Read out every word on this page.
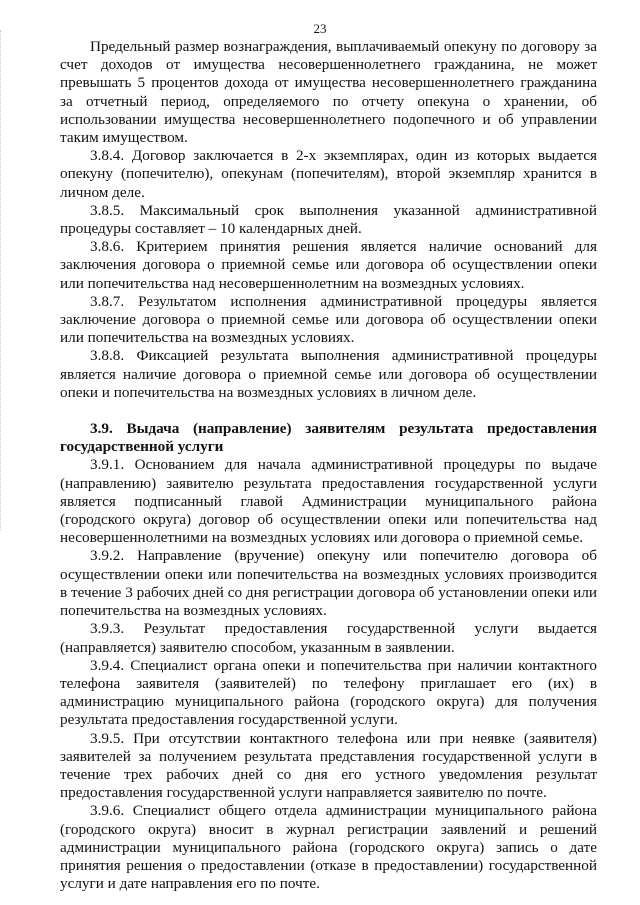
23

Предельный размер вознаграждения, выплачиваемый опекуну по договору за счет доходов от имущества несовершеннолетнего гражданина, не может превышать 5 процентов дохода от имущества несовершеннолетнего гражданина за отчетный период, определяемого по отчету опекуна о хранении, об использовании имущества несовершеннолетнего подопечного и об управлении таким имуществом.

3.8.4. Договор заключается в 2-х экземплярах, один из которых выдается опекуну (попечителю), опекунам (попечителям), второй экземпляр хранится в личном деле.

3.8.5. Максимальный срок выполнения указанной административной процедуры составляет – 10 календарных дней.

3.8.6. Критерием принятия решения является наличие оснований для заключения договора о приемной семье или договора об осуществлении опеки или попечительства над несовершеннолетним на возмездных условиях.

3.8.7. Результатом исполнения административной процедуры является заключение договора о приемной семье или договора об осуществлении опеки или попечительства на возмездных условиях.

3.8.8. Фиксацией результата выполнения административной процедуры является наличие договора о приемной семье или договора об осуществлении опеки и попечительства на возмездных условиях в личном деле.

3.9. Выдача (направление) заявителям результата предоставления государственной услуги

3.9.1. Основанием для начала административной процедуры по выдаче (направлению) заявителю результата предоставления государственной услуги является подписанный главой Администрации муниципального района (городского округа) договор об осуществлении опеки или попечительства над несовершеннолетними на возмездных условиях или договора о приемной семье.

3.9.2. Направление (вручение) опекуну или попечителю договора об осуществлении опеки или попечительства на возмездных условиях производится в течение 3 рабочих дней со дня регистрации договора об установлении опеки или попечительства на возмездных условиях.

3.9.3. Результат предоставления государственной услуги выдается (направляется) заявителю способом, указанным в заявлении.

3.9.4. Специалист органа опеки и попечительства при наличии контактного телефона заявителя (заявителей) по телефону приглашает его (их) в администрацию муниципального района (городского округа) для получения результата предоставления государственной услуги.

3.9.5. При отсутствии контактного телефона или при неявке (заявителя) заявителей за получением результата представления государственной услуги в течение трех рабочих дней со дня его устного уведомления результат предоставления государственной услуги направляется заявителю по почте.

3.9.6. Специалист общего отдела администрации муниципального района (городского округа) вносит в журнал регистрации заявлений и решений администрации муниципального района (городского округа) запись о дате принятия решения о предоставлении (отказе в предоставлении) государственной услуги и дате направления его по почте.
